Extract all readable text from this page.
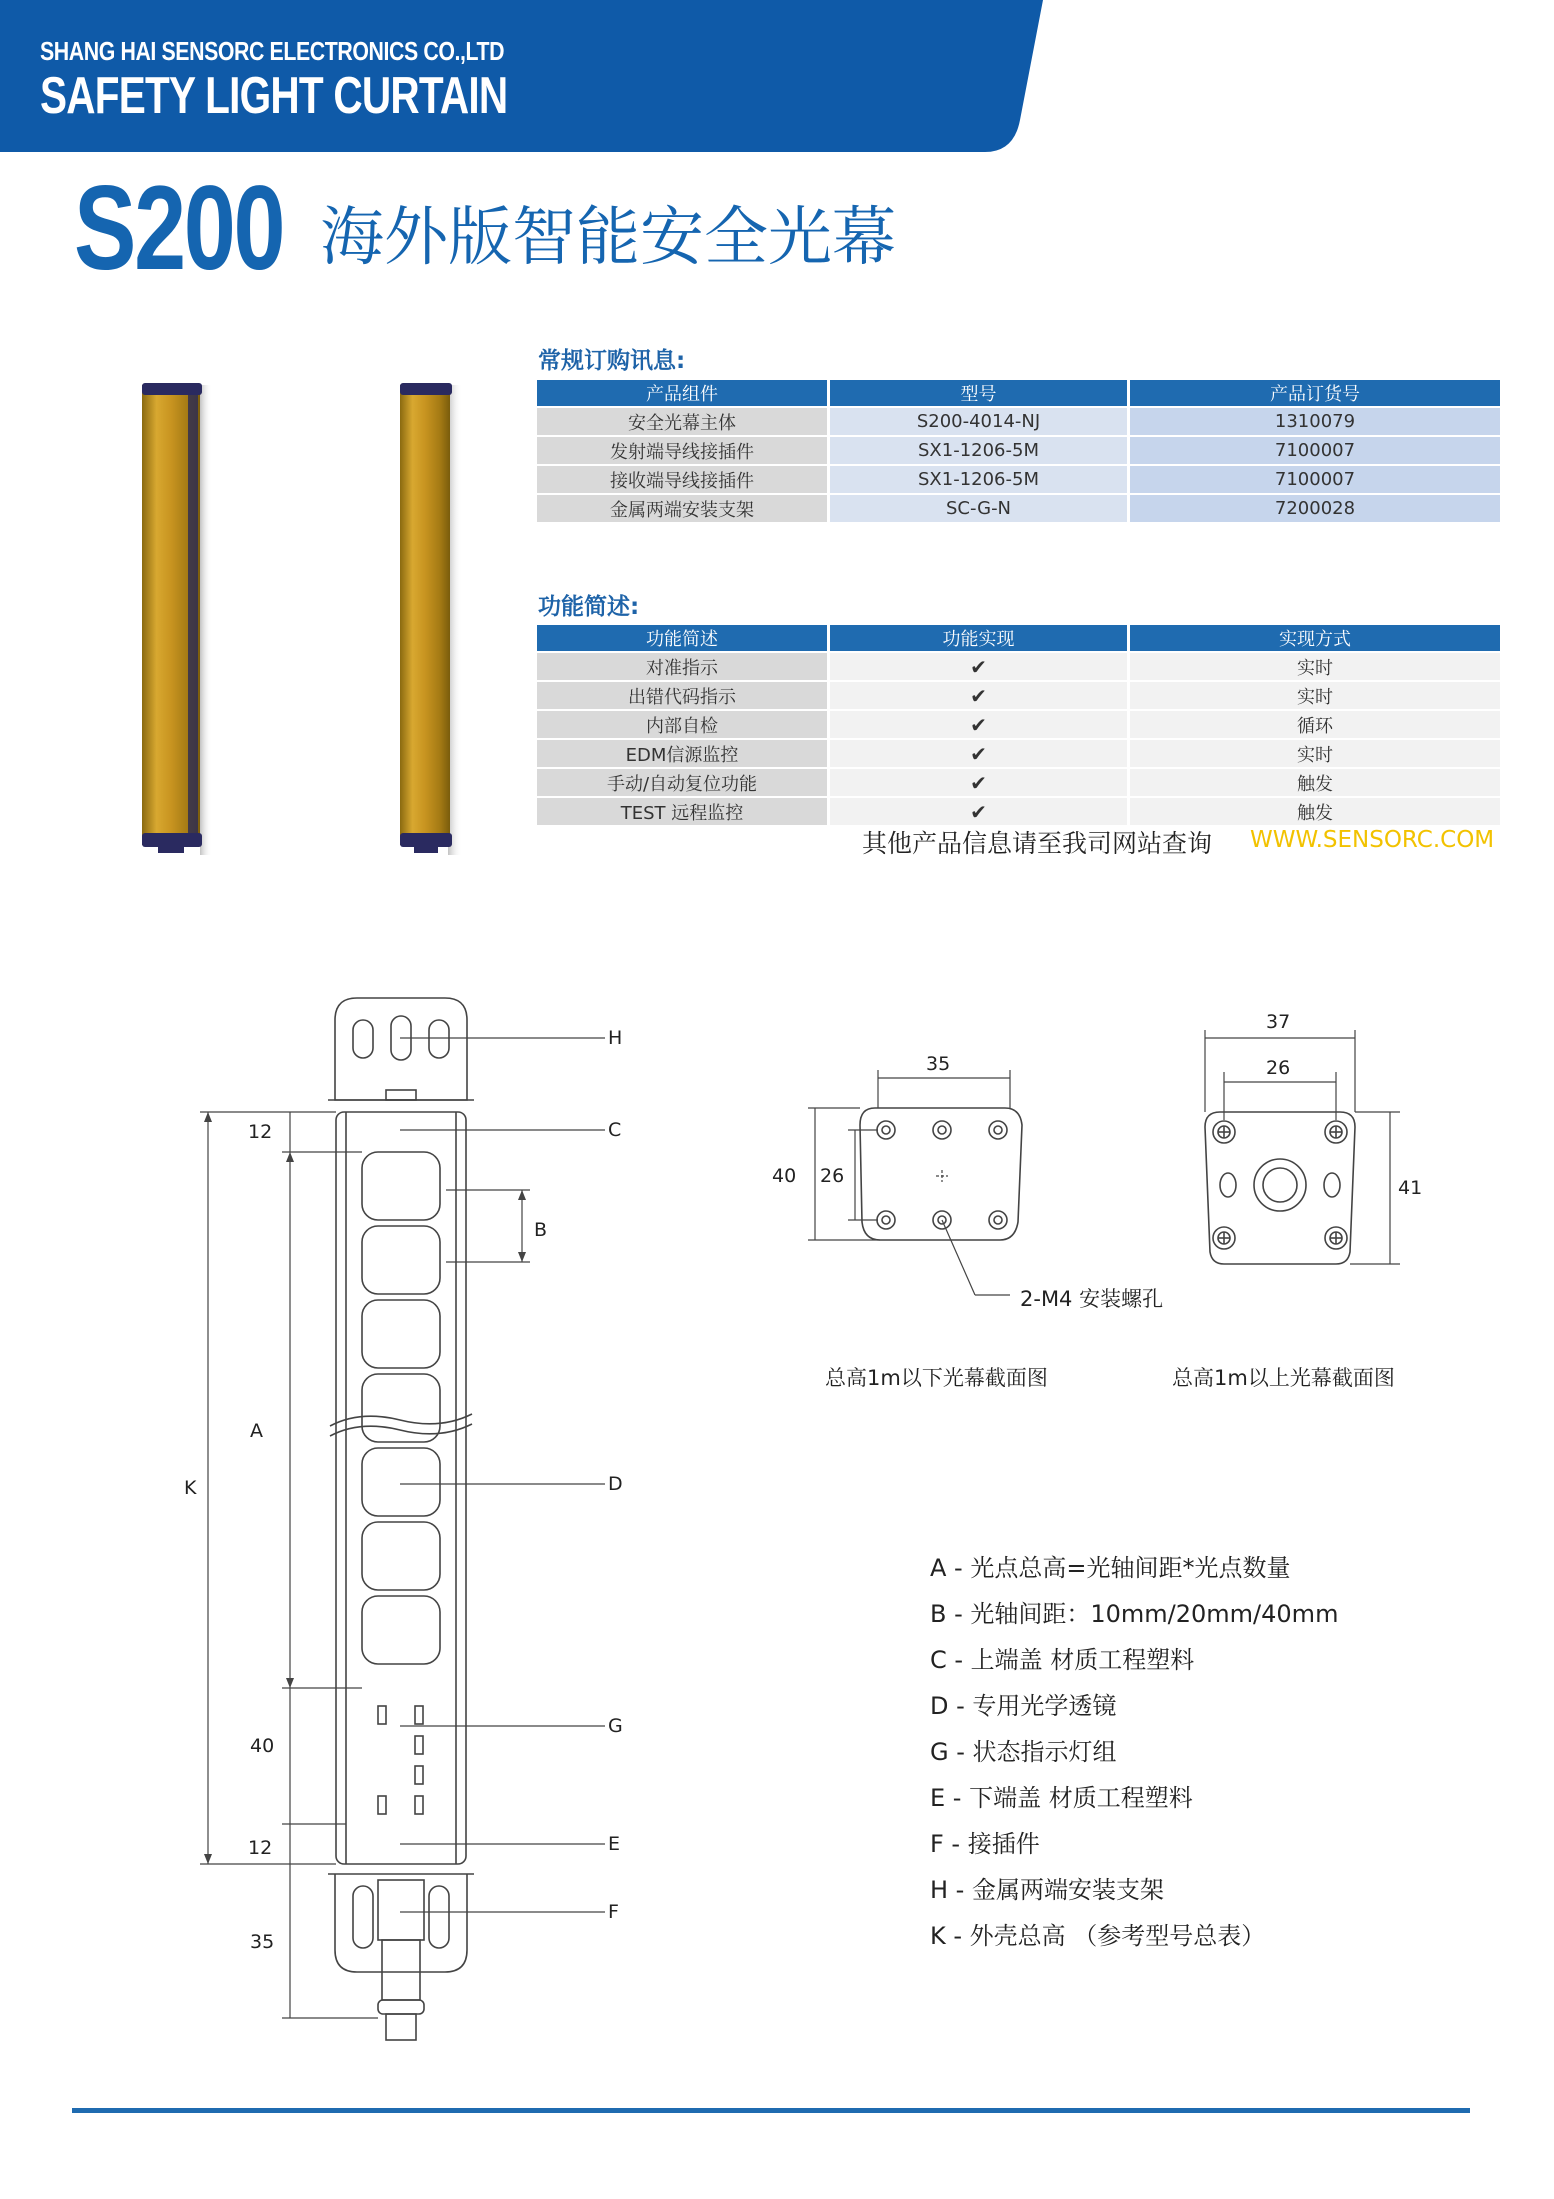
SHANG HAI SENSORC ELECTRONICS CO.,LTD
SAFETY LIGHT CURTAIN
S200 海外版智能安全光幕
常规订购讯息:
产品组件	型号	产品订货号
安全光幕主体	S200-4014-NJ	1310079
发射端导线接插件	SX1-1206-5M	7100007
接收端导线接插件	SX1-1206-5M	7100007
金属两端安装支架	SC-G-N	7200028
功能简述:
功能简述	功能实现	实现方式
对准指示	✔	实时
出错代码指示	✔	实时
内部自检	✔	循环
EDM信源监控	✔	实时
手动/自动复位功能	✔	触发
TEST 远程监控	✔	触发
其他产品信息请至我司网站查询 WWW.SENSORC.COM
12
A
K
40
12
35
B
H
C
D
G
E
F
35
40 26
2-M4 安装螺孔
总高1m以下光幕截面图
37
26
41
总高1m以上光幕截面图
A - 光点总高=光轴间距*光点数量
B - 光轴间距：10mm/20mm/40mm
C - 上端盖 材质工程塑料
D - 专用光学透镜
G - 状态指示灯组
E - 下端盖 材质工程塑料
F - 接插件
H - 金属两端安装支架
K - 外壳总高 （参考型号总表）
